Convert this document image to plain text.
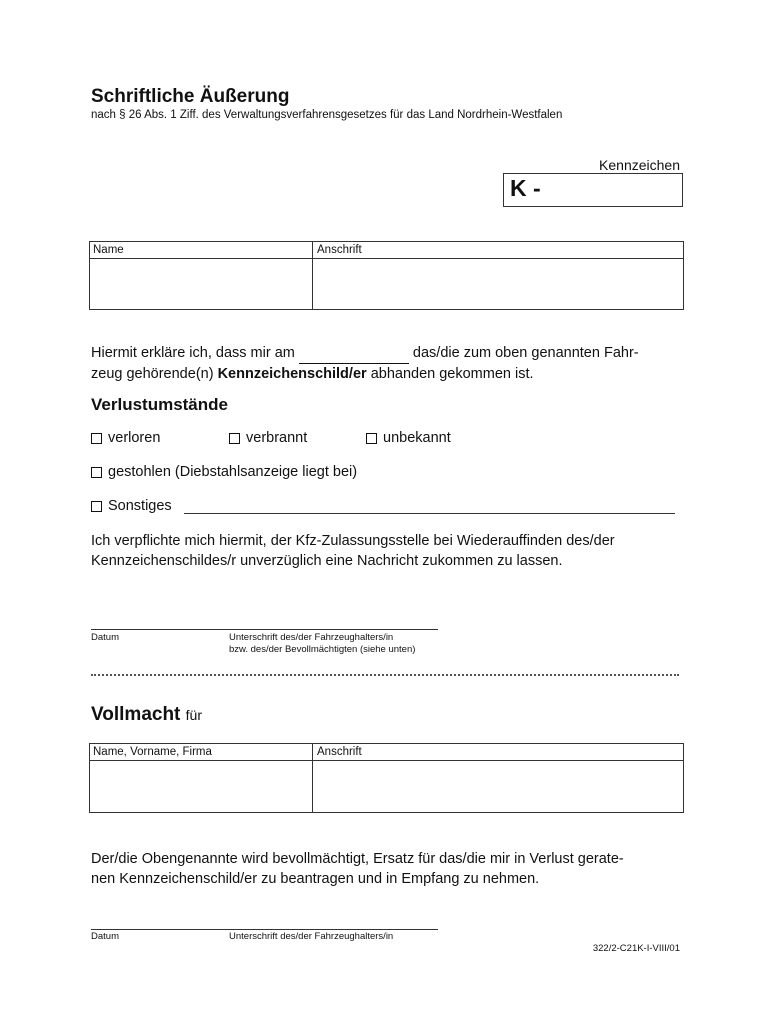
Schriftliche Äußerung
nach § 26 Abs. 1 Ziff. des Verwaltungsverfahrensgesetzes für das Land Nordrhein-Westfalen
Kennzeichen
K -
Name	Anschrift
Hiermit erkläre ich, dass mir am	das/die zum oben genannten Fahr-
zeug gehörende(n) Kennzeichenschild/er abhanden gekommen ist.
Verlustumstände
verloren	verbrannt	unbekannt
gestohlen (Diebstahlsanzeige liegt bei)
Sonstiges
Ich verpflichte mich hiermit, der Kfz-Zulassungsstelle bei Wiederauffinden des/der
Kennzeichenschildes/r unverzüglich eine Nachricht zukommen zu lassen.
Datum	Unterschrift des/der Fahrzeughalters/in
bzw. des/der Bevollmächtigten (siehe unten)
Vollmacht für
Name, Vorname, Firma	Anschrift
Der/die Obengenannte wird bevollmächtigt, Ersatz für das/die mir in Verlust gerate-
nen Kennzeichenschild/er zu beantragen und in Empfang zu nehmen.
Datum	Unterschrift des/der Fahrzeughalters/in
322/2-C21K-I-VIII/01
